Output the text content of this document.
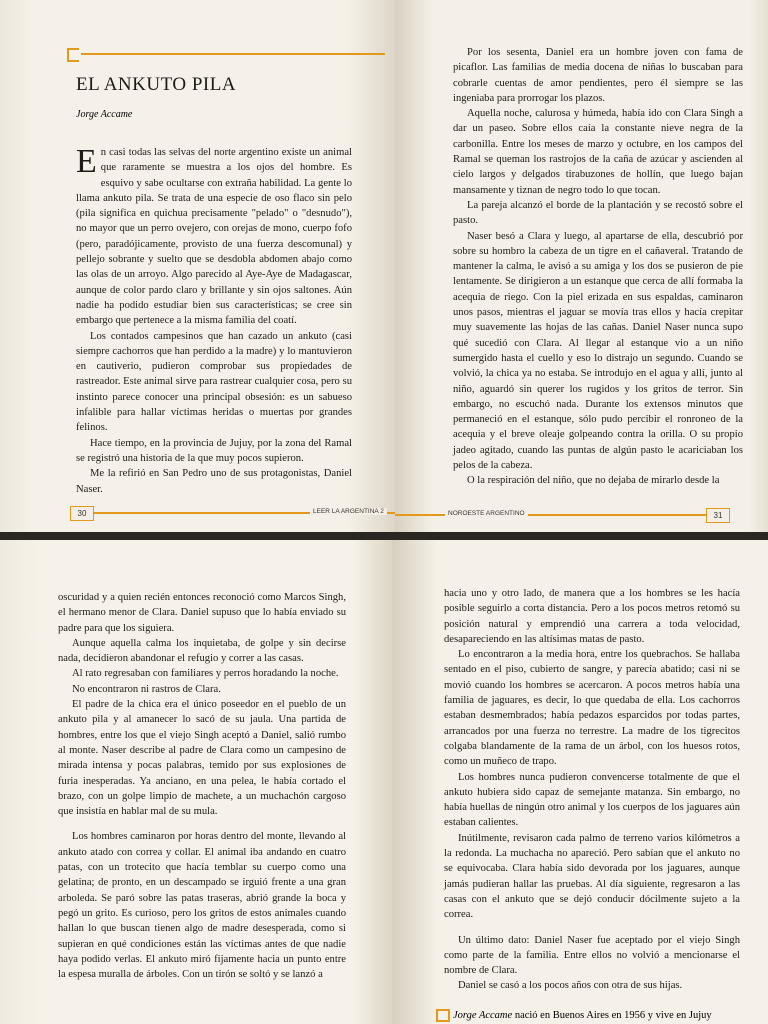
EL ANKUTO PILA
Jorge Accame

En casi todas las selvas del norte argentino existe un animal que raramente se muestra a los ojos del hombre. Es esquivo y sabe ocultarse con extraña habilidad. La gente lo llama ankuto pila. Se trata de una especie de oso flaco sin pelo (pila significa en quichua precisamente "pelado" o "desnudo"), no mayor que un perro ovejero, con orejas de mono, cuerpo fofo (pero, paradójicamente, provisto de una fuerza descomunal) y pellejo sobrante y suelto que se desdobla abdomen abajo como las olas de un arroyo. Algo parecido al Aye-Aye de Madagascar, aunque de color pardo claro y brillante y sin ojos saltones. Aún nadie ha podido estudiar bien sus características; se cree sin embargo que pertenece a la misma familia del coatí.

Los contados campesinos que han cazado un ankuto (casi siempre cachorros que han perdido a la madre) y lo mantuvieron en cautiverio, pudieron comprobar sus propiedades de rastreador. Este animal sirve para rastrear cualquier cosa, pero su instinto parece conocer una principal obsesión: es un sabueso infalible para hallar víctimas heridas o muertas por grandes felinos.

Hace tiempo, en la provincia de Jujuy, por la zona del Ramal se registró una historia de la que muy pocos supieron.

Me la refirió en San Pedro uno de sus protagonistas, Daniel Naser.

30	LEER LA ARGENTINA 2

Por los sesenta, Daniel era un hombre joven con fama de picaflor. Las familias de media docena de niñas lo buscaban para cobrarle cuentas de amor pendientes, pero él siempre se las ingeniaba para prorrogar los plazos.

Aquella noche, calurosa y húmeda, había ido con Clara Singh a dar un paseo. Sobre ellos caía la constante nieve negra de la carbonilla. Entre los meses de marzo y octubre, en los campos del Ramal se queman los rastrojos de la caña de azúcar y ascienden al cielo largos y delgados tirabuzones de hollín, que luego bajan mansamente y tiznan de negro todo lo que tocan.

La pareja alcanzó el borde de la plantación y se recostó sobre el pasto.

Naser besó a Clara y luego, al apartarse de ella, descubrió por sobre su hombro la cabeza de un tigre en el cañaveral. Tratando de mantener la calma, le avisó a su amiga y los dos se pusieron de pie lentamente. Se dirigieron a un estanque que cerca de allí formaba la acequia de riego. Con la piel erizada en sus espaldas, caminaron unos pasos, mientras el jaguar se movía tras ellos y hacía crepitar muy suavemente las hojas de las cañas. Daniel Naser nunca supo qué sucedió con Clara. Al llegar al estanque vio a un niño sumergido hasta el cuello y eso lo distrajo un segundo. Cuando se volvió, la chica ya no estaba. Se introdujo en el agua y allí, junto al niño, aguardó sin querer los rugidos y los gritos de terror. Sin embargo, no escuchó nada. Durante los extensos minutos que permaneció en el estanque, sólo pudo percibir el ronroneo de la acequia y el breve oleaje golpeando contra la orilla. O su propio jadeo agitado, cuando las puntas de algún pasto le acariciaban los pelos de la cabeza.

O la respiración del niño, que no dejaba de mirarlo desde la

NOROESTE ARGENTINO	31

oscuridad y a quien recién entonces reconoció como Marcos Singh, el hermano menor de Clara. Daniel supuso que lo había enviado su padre para que los siguiera.

Aunque aquella calma los inquietaba, de golpe y sin decirse nada, decidieron abandonar el refugio y correr a las casas.

Al rato regresaban con familiares y perros horadando la noche.

No encontraron ni rastros de Clara.

El padre de la chica era el único poseedor en el pueblo de un ankuto pila y al amanecer lo sacó de su jaula. Una partida de hombres, entre los que el viejo Singh aceptó a Daniel, salió rumbo al monte. Naser describe al padre de Clara como un campesino de mirada intensa y pocas palabras, temido por sus explosiones de furia inesperadas. Ya anciano, en una pelea, le había cortado el brazo, con un golpe limpio de machete, a un muchachón cargoso que insistía en hablar mal de su mula.

Los hombres caminaron por horas dentro del monte, llevando al ankuto atado con correa y collar. El animal iba andando en cuatro patas, con un trotecito que hacía temblar su cuerpo como una gelatina; de pronto, en un descampado se irguió frente a una gran arboleda. Se paró sobre las patas traseras, abrió grande la boca y pegó un grito. Es curioso, pero los gritos de estos animales cuando hallan lo que buscan tienen algo de madre desesperada, como si supieran en qué condiciones están las víctimas antes de que nadie haya podido verlas. El ankuto miró fijamente hacia un punto entre la espesa muralla de árboles. Con un tirón se soltó y se lanzó a

hacia uno y otro lado, de manera que a los hombres se les hacía posible seguirlo a corta distancia. Pero a los pocos metros retomó su posición natural y emprendió una carrera a toda velocidad, desapareciendo en las altísimas matas de pasto.

Lo encontraron a la media hora, entre los quebrachos. Se hallaba sentado en el piso, cubierto de sangre, y parecía abatido; casi ni se movió cuando los hombres se acercaron. A pocos metros había una familia de jaguares, es decir, lo que quedaba de ella. Los cachorros estaban desmembrados; había pedazos esparcidos por todas partes, arrancados por una fuerza no terrestre. La madre de los tigrecitos colgaba blandamente de la rama de un árbol, con los huesos rotos, como un muñeco de trapo.

Los hombres nunca pudieron convencerse totalmente de que el ankuto hubiera sido capaz de semejante matanza. Sin embargo, no había huellas de ningún otro animal y los cuerpos de los jaguares aún estaban calientes.

Inútilmente, revisaron cada palmo de terreno varios kilómetros a la redonda. La muchacha no apareció. Pero sabían que el ankuto no se equivocaba. Clara había sido devorada por los jaguares, aunque jamás pudieran hallar las pruebas. Al día siguiente, regresaron a las casas con el ankuto que se dejó conducir dócilmente sujeto a la correa.

Un último dato: Daniel Naser fue aceptado por el viejo Singh como parte de la familia. Entre ellos no volvió a mencionarse el nombre de Clara.

Daniel se casó a los pocos años con otra de sus hijas.

Jorge Accame nació en Buenos Aires en 1956 y vive en Jujuy
